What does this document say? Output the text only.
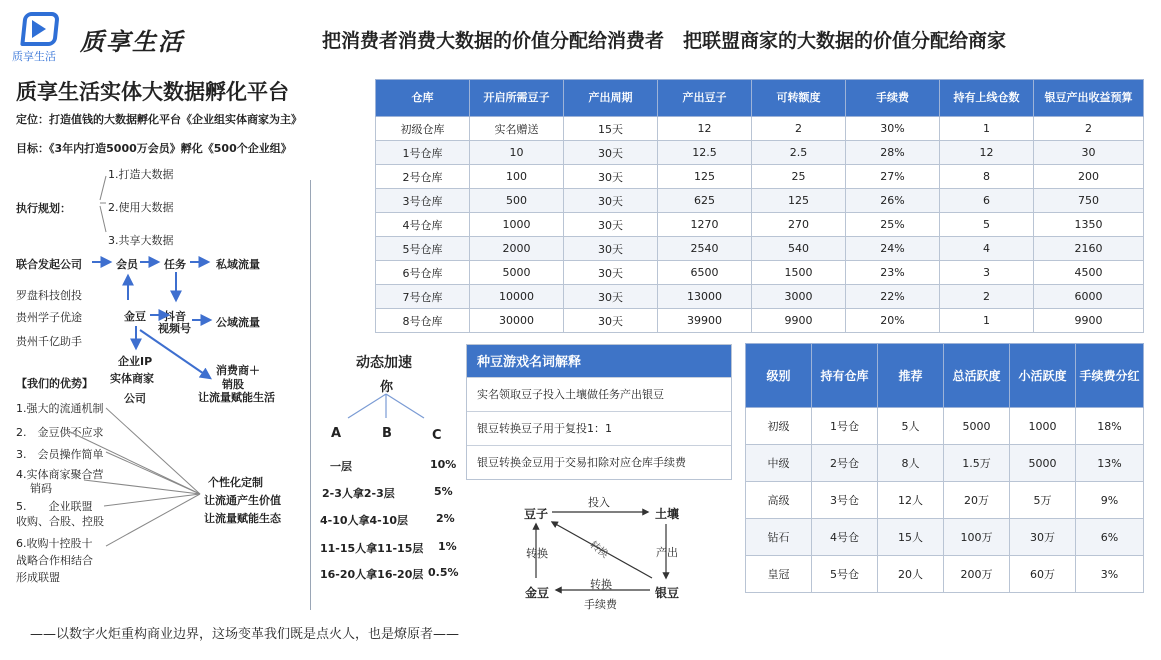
质享生活
质享生活	把消费者消费大数据的价值分配给消费者　把联盟商家的大数据的价值分配给商家
质享生活实体大数据孵化平台
定位：打造值钱的大数据孵化平台《企业组实体商家为主》
目标：《3年内打造5000万会员》孵化《500个企业组》
执行规划：
1.打造大数据
2.使用大数据
3.共享大数据
联合发起公司	会员 任务	私域流量
罗盘科技创投
贵州学子优途
贵州千亿助手
金豆 抖音
视频号 公域流量
企业IP
实体商家
公司
消费商＋
销股
让流量赋能生活
【我们的优势】
1.强大的流通机制
2.　金豆供不应求
3.　会员操作简单
4.实体商家聚合营
销码
5.　　企业联盟
收购、合股、控股
6.收购十控股十
战略合作相结合
形成联盟
个性化定制
让流通产生价值
让流量赋能生态
动态加速
你
A	B	C
一层	10%
2-3人拿2-3层	5%
4-10人拿4-10层	2%
11-15人拿11-15层 1%
16-20人拿16-20层 0.5%
仓库	开启所需豆子	产出周期	产出豆子	可转额度	手续费	持有上线仓数	银豆产出收益预算
初级仓库	实名赠送	15天	12	2	30%	1	2
1号仓库	10	30天	12.5	2.5	28%	12	30
2号仓库	100	30天	125	25	27%	8	200
3号仓库	500	30天	625	125	26%	6	750
4号仓库	1000	30天	1270	270	25%	5	1350
5号仓库	2000	30天	2540	540	24%	4	2160
6号仓库	5000	30天	6500	1500	23%	3	4500
7号仓库	10000	30天	13000	3000	22%	2	6000
8号仓库	30000	30天	39900	9900	20%	1	9900
种豆游戏名词解释
实名领取豆子投入土壤做任务产出银豆
银豆转换豆子用于复投1：1
银豆转换金豆用于交易扣除对应仓库手续费
豆子	土壤
银豆
金豆
投入
产出
转换	转换
转换
手续费
级别	持有仓库	推荐	总活跃度	小活跃度	手续费分红
初级	1号仓	5人	5000	1000	18%
中级	2号仓	8人	1.5万	5000	13%
高级	3号仓	12人	20万	5万	9%
钻石	4号仓	15人	100万	30万	6%
皇冠	5号仓	20人	200万	60万	3%
——以数字火炬重构商业边界，这场变革我们既是点火人，也是燎原者——
